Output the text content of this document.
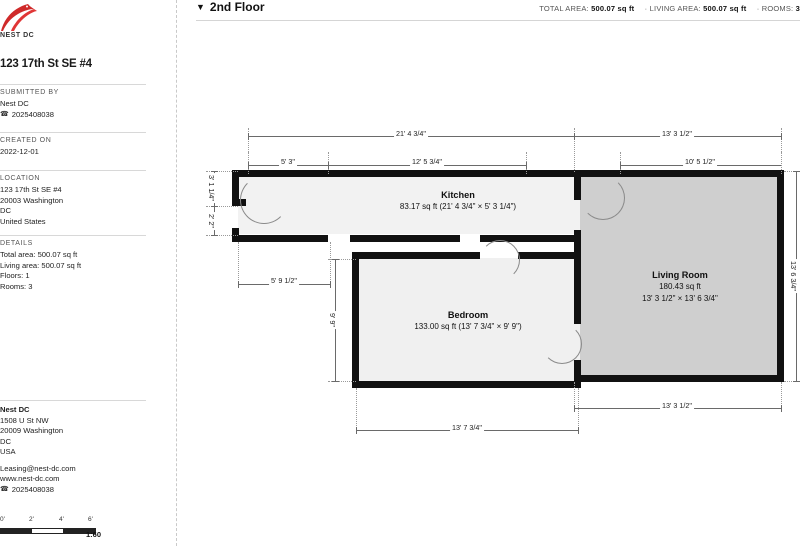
NEST DC
123 17th St SE #4
SUBMITTED BY
Nest DC
☎ 2025408038
CREATED ON
2022-12-01
LOCATION
123 17th St SE #4
20003 Washington
DC
United States
DETAILS
Total area: 500.07 sq ft
Living area: 500.07 sq ft
Floors: 1
Rooms: 3
Nest DC
1508 U St NW
20009 Washington
DC
USA
Leasing@nest-dc.com
www.nest-dc.com
☎ 2025408038
0'	2'	4'	6'
1:60
▼ 2nd Floor	TOTAL AREA: 500.07 sq ft · LIVING AREA: 500.07 sq ft · ROOMS: 3
Kitchen
83.17 sq ft (21' 4 3/4" × 5' 3 1/4")
Bedroom
133.00 sq ft (13' 7 3/4" × 9' 9")
Living Room
180.43 sq ft
13' 3 1/2" × 13' 6 3/4"
21' 4 3/4"	13' 3 1/2"
5' 3"	12' 5 3/4"	10' 5 1/2"
3' 1 1/4"
2' 2"
5' 9 1/2"
9' 9"
13' 6 3/4"
13' 3 1/2"
13' 7 3/4"
